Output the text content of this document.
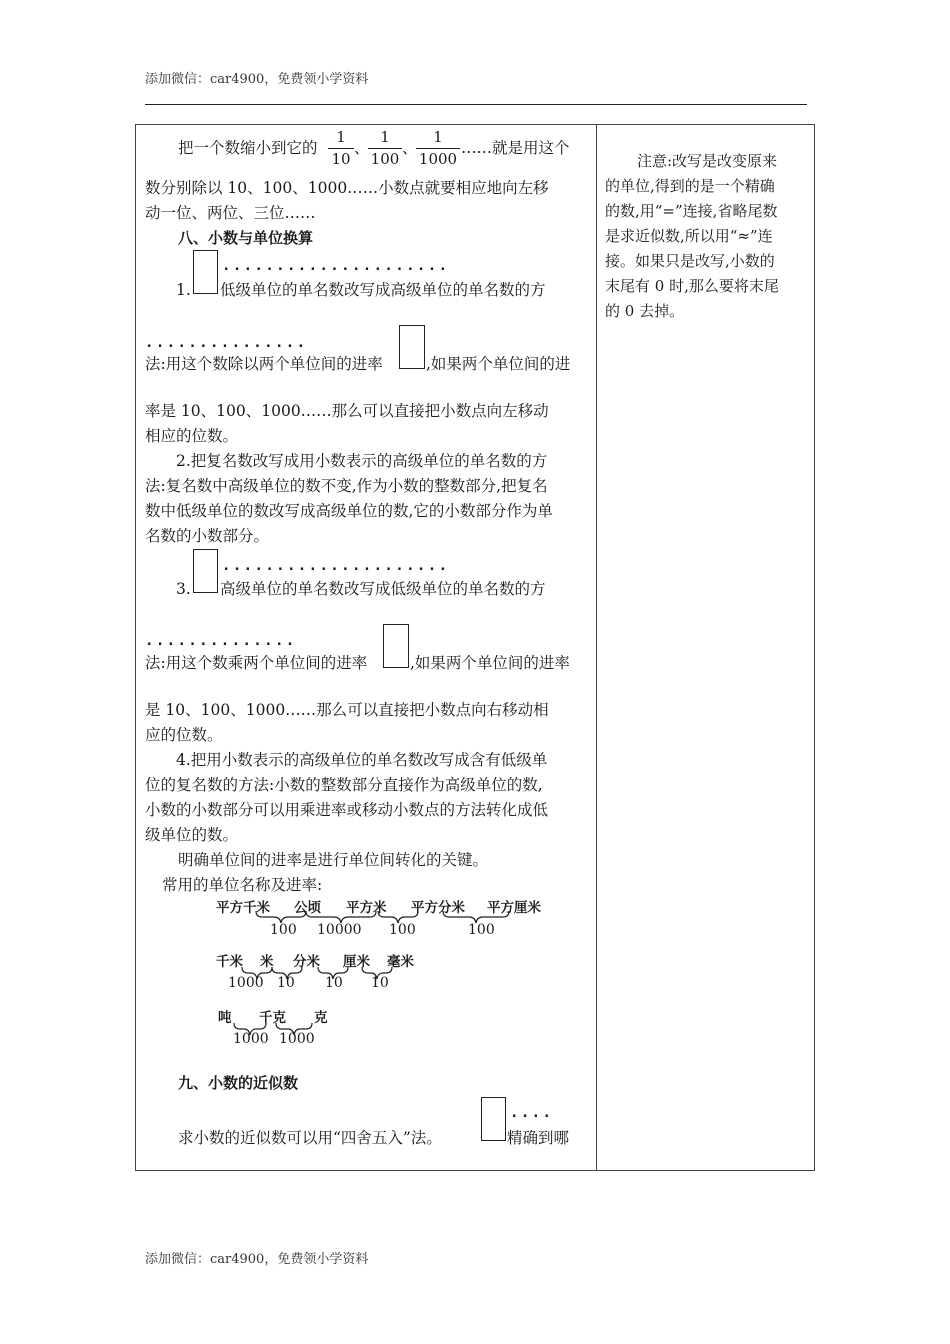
添加微信：car4900，免费领小学资料
把一个数缩小到它的
1
10
、
1
100
、
1
1000
……就是用这个
数分别除以 10、100、1000……小数点就要相应地向左移
动一位、两位、三位……
八、小数与单位换算
.....................
1. 低级单位的单名数改写成高级单位的单名数的方
...............
法:用这个数除以两个单位间的进率	,如果两个单位间的进
率是 10、100、1000……那么可以直接把小数点向左移动
相应的位数。
2.把复名数改写成用小数表示的高级单位的单名数的方
法:复名数中高级单位的数不变,作为小数的整数部分,把复名
数中低级单位的数改写成高级单位的数,它的小数部分作为单
名数的小数部分。
.....................
3. 高级单位的单名数改写成低级单位的单名数的方
..............
法:用这个数乘两个单位间的进率	,如果两个单位间的进率
是 10、100、1000……那么可以直接把小数点向右移动相
应的位数。
4.把用小数表示的高级单位的单名数改写成含有低级单
位的复名数的方法:小数的整数部分直接作为高级单位的数,
小数的小数部分可以用乘进率或移动小数点的方法转化成低
级单位的数。
明确单位间的进率是进行单位间转化的关键。
常用的单位名称及进率:
平方千米 公顷 平方米 平方分米 平方厘米
100 10000 100	100
千米 米 分米 厘米 毫米
1000 10 10 10
吨 千克 克
1000 1000
九、小数的近似数
求小数的近似数可以用“四舍五入”法。
....
精确到哪
注意:改写是改变原来
的单位,得到的是一个精确
的数,用“=”连接,省略尾数
是求近似数,所以用“≈”连
接。如果只是改写,小数的
末尾有 0 时,那么要将末尾
的 0 去掉。
添加微信：car4900，免费领小学资料
